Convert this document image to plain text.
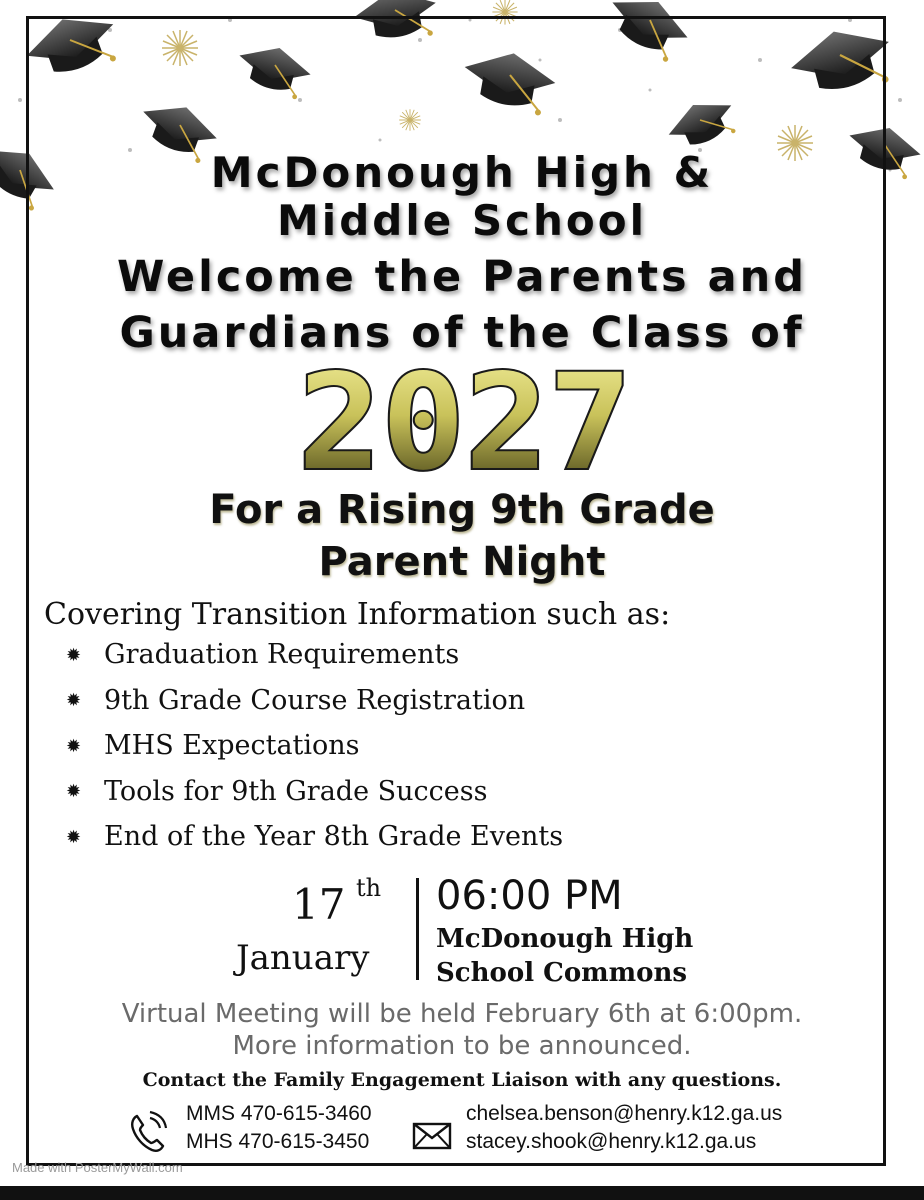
McDonough High &
Middle School
Welcome the Parents and
Guardians of the Class of
2027
For a Rising 9th Grade
Parent Night
Covering Transition Information such as:
✹ Graduation Requirements
✹ 9th Grade Course Registration
✹ MHS Expectations
✹ Tools for 9th Grade Success
✹ End of the Year 8th Grade Events
17 th
January
06:00 PM
McDonough High
School Commons
Virtual Meeting will be held February 6th at 6:00pm.
More information to be announced.
Contact the Family Engagement Liaison with any questions.
MMS 470-615-3460
MHS 470-615-3450
chelsea.benson@henry.k12.ga.us
stacey.shook@henry.k12.ga.us
Made with PosterMyWall.com
